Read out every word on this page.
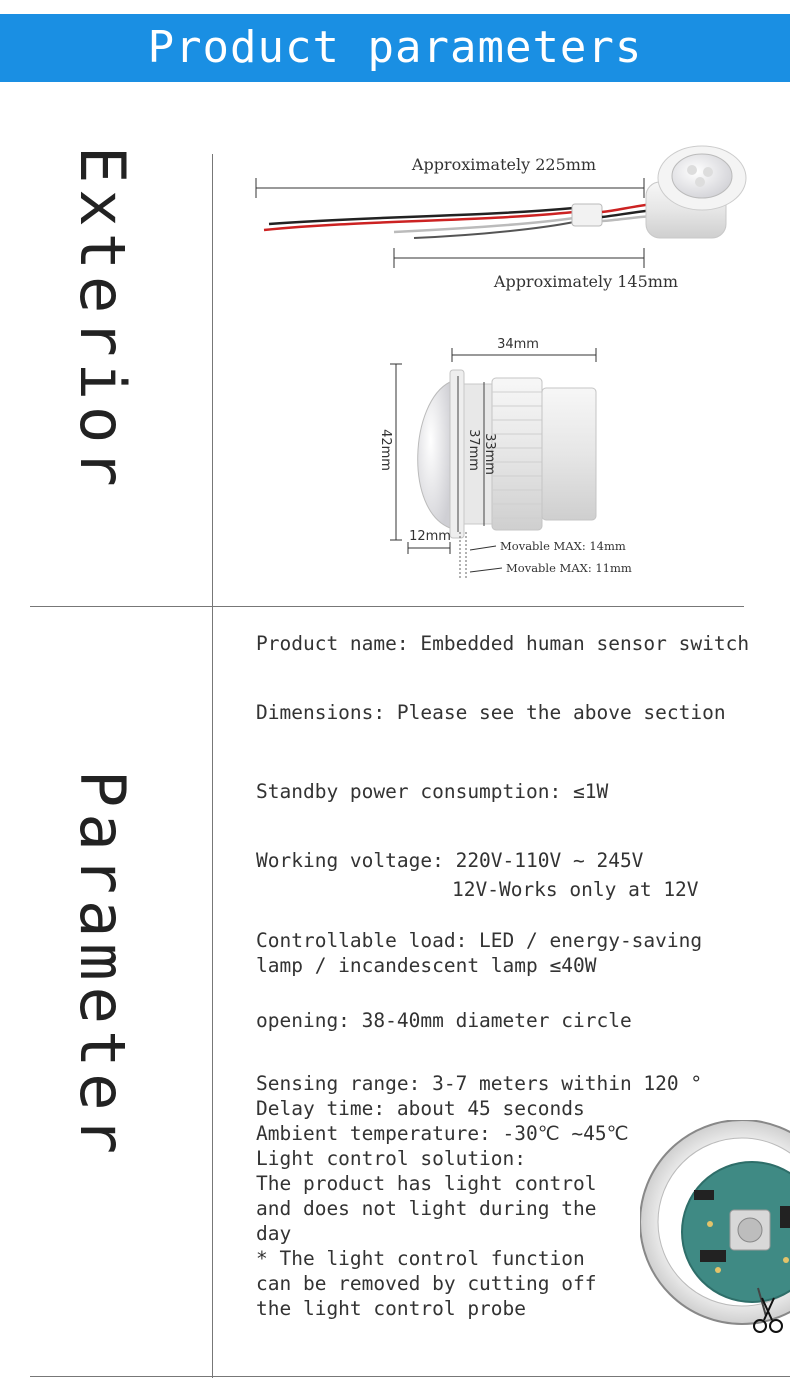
Product parameters
Exterior
Parameter
Approximately 225mm
Approximately 145mm
34mm
42mm	37mm 33mm
12mm
Movable MAX: 14mm
Movable MAX: 11mm
Product name: Embedded human sensor switch
Dimensions: Please see the above section
Standby power consumption: ≤1W
Working voltage: 220V-110V ~ 245V
12V-Works only at 12V
Controllable load: LED / energy-saving
lamp / incandescent lamp ≤40W
opening: 38-40mm diameter circle
Sensing range: 3-7 meters within 120 °
Delay time: about 45 seconds
Ambient temperature: -30℃ ~45℃
Light control solution:
The product has light control
and does not light during the
day
* The light control function
can be removed by cutting off
the light control probe
